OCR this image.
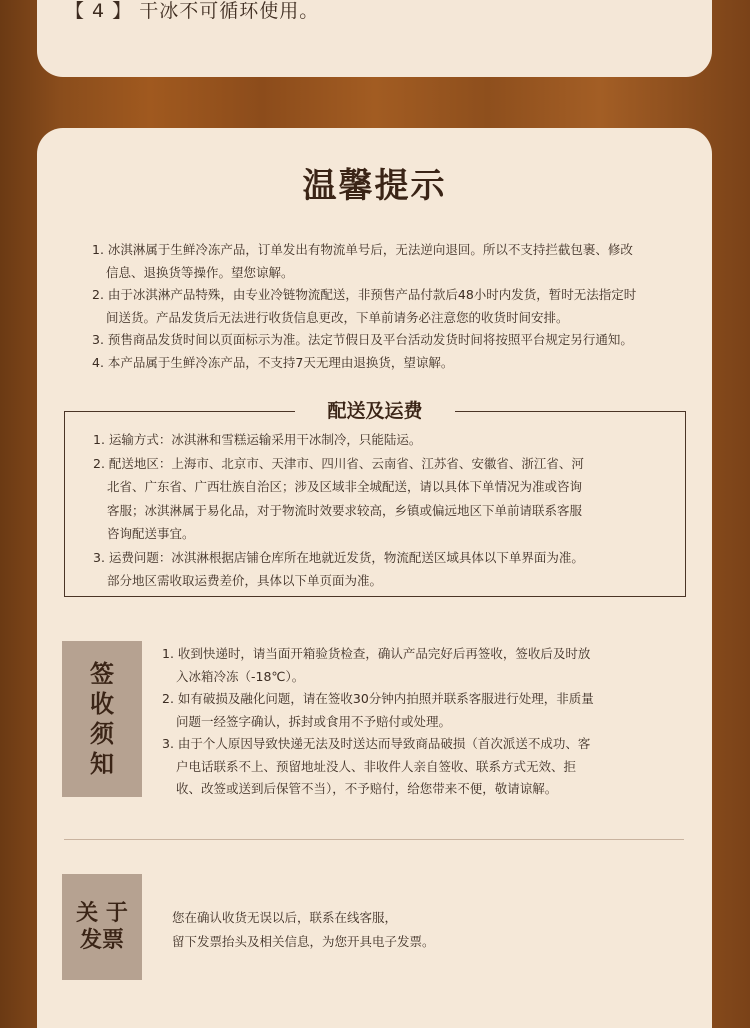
【 4 】 干冰不可循环使用。
温馨提示

1. 冰淇淋属于生鲜冷冻产品，订单发出有物流单号后，无法逆向退回。所以不支持拦截包裹、修改

信息、退换货等操作。望您谅解。

2. 由于冰淇淋产品特殊，由专业冷链物流配送，非预售产品付款后48小时内发货，暂时无法指定时

间送货。产品发货后无法进行收货信息更改，下单前请务必注意您的收货时间安排。

3. 预售商品发货时间以页面标示为准。法定节假日及平台活动发货时间将按照平台规定另行通知。

4. 本产品属于生鲜冷冻产品，不支持7天无理由退换货，望谅解。

配送及运费

1. 运输方式：冰淇淋和雪糕运输采用干冰制冷，只能陆运。

2. 配送地区：上海市、北京市、天津市、四川省、云南省、江苏省、安徽省、浙江省、河

北省、广东省、广西壮族自治区；涉及区域非全城配送，请以具体下单情况为准或咨询

客服；冰淇淋属于易化品，对于物流时效要求较高，乡镇或偏远地区下单前请联系客服

咨询配送事宜。

3. 运费问题：冰淇淋根据店铺仓库所在地就近发货，物流配送区域具体以下单界面为准。

部分地区需收取运费差价，具体以下单页面为准。

签
收
须
知

1. 收到快递时，请当面开箱验货检查，确认产品完好后再签收，签收后及时放

入冰箱冷冻（-18℃）。

2. 如有破损及融化问题，请在签收30分钟内拍照并联系客服进行处理，非质量

问题一经签字确认，拆封或食用不予赔付或处理。

3. 由于个人原因导致快递无法及时送达而导致商品破损（首次派送不成功、客

户电话联系不上、预留地址没人、非收件人亲自签收、联系方式无效、拒

收、改签或送到后保管不当），不予赔付，给您带来不便，敬请谅解。

关 于
发票

您在确认收货无误以后，联系在线客服，

留下发票抬头及相关信息，为您开具电子发票。
